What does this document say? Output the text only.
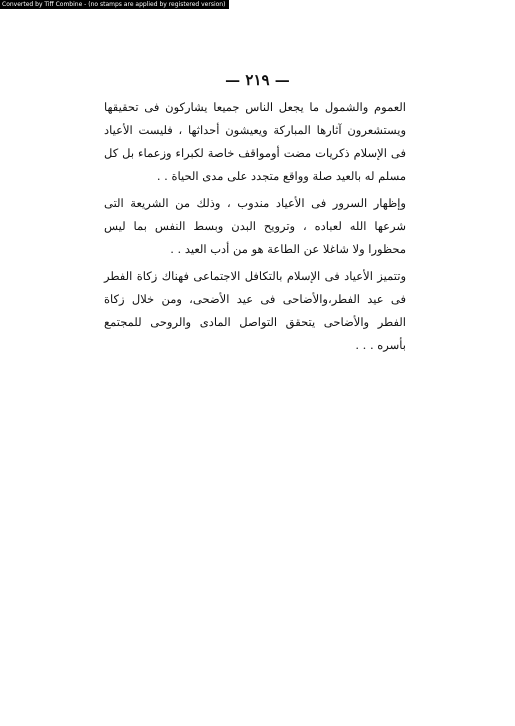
Converted by Tiff Combine - (no stamps are applied by registered version)
— ٢١٩ —

العموم والشمول ما يجعل الناس جميعا يشاركون فى تحقيقها ويستشعرون آثارها المباركة ويعيشون أحداثها ، فليست الأعياد فى الإسلام ذكريات مضت أومواقف خاصة لكبراء وزعماء بل كل مسلم له بالعيد صلة وواقع متجدد على مدى الحياة . .

وإظهار السرور فى الأعياد مندوب ، وذلك من الشريعة التى شرعها الله لعباده ، وترويح البدن وبسط النفس بما ليس محظورا ولا شاغلا عن الطاعة هو من أدب العيد . .

وتتميز الأعياد فى الإسلام بالتكافل الاجتماعى فهناك زكاة الفطر فى عيد الفطر،والأضاحى فى عيد الأضحى، ومن خلال زكاة الفطر والأضاحى يتحقق التواصل المادى والروحى للمجتمع بأسره . . .
